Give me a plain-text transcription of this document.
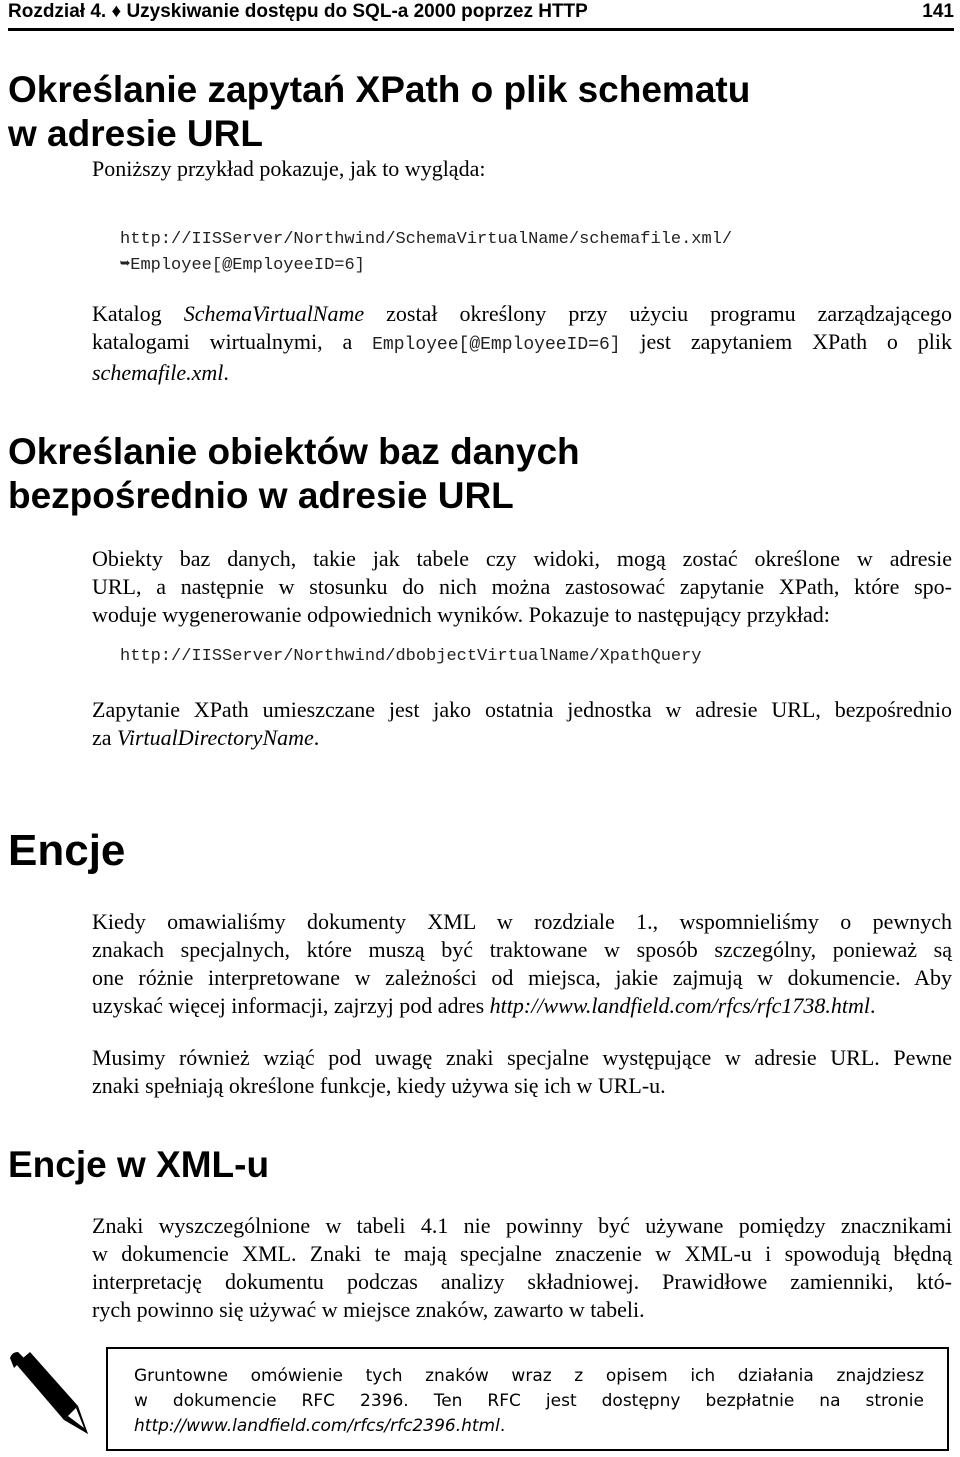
Rozdział 4. ♦ Uzyskiwanie dostępu do SQL-a 2000 poprzez HTTP	141
Określanie zapytań XPath o plik schematu
w adresie URL

Poniższy przykład pokazuje, jak to wygląda:

http://IISServer/Northwind/SchemaVirtualName/schemafile.xml/
➥Employee[@EmployeeID=6]

Katalog SchemaVirtualName został określony przy użyciu programu zarządzającego
katalogami wirtualnymi, a Employee[@EmployeeID=6] jest zapytaniem XPath o plik
schemafile.xml.

Określanie obiektów baz danych
bezpośrednio w adresie URL

Obiekty baz danych, takie jak tabele czy widoki, mogą zostać określone w adresie
URL, a następnie w stosunku do nich można zastosować zapytanie XPath, które spo-
woduje wygenerowanie odpowiednich wyników. Pokazuje to następujący przykład:

http://IISServer/Northwind/dbobjectVirtualName/XpathQuery

Zapytanie XPath umieszczane jest jako ostatnia jednostka w adresie URL, bezpośrednio
za VirtualDirectoryName.

Encje

Kiedy omawialiśmy dokumenty XML w rozdziale 1., wspomnieliśmy o pewnych
znakach specjalnych, które muszą być traktowane w sposób szczególny, ponieważ są
one różnie interpretowane w zależności od miejsca, jakie zajmują w dokumencie. Aby
uzyskać więcej informacji, zajrzyj pod adres http://www.landfield.com/rfcs/rfc1738.html.

Musimy również wziąć pod uwagę znaki specjalne występujące w adresie URL. Pewne
znaki spełniają określone funkcje, kiedy używa się ich w URL-u.

Encje w XML-u

Znaki wyszczególnione w tabeli 4.1 nie powinny być używane pomiędzy znacznikami
w dokumencie XML. Znaki te mają specjalne znaczenie w XML-u i spowodują błędną
interpretację dokumentu podczas analizy składniowej. Prawidłowe zamienniki, któ-
rych powinno się używać w miejsce znaków, zawarto w tabeli.

Gruntowne omówienie tych znaków wraz z opisem ich działania znajdziesz
w dokumencie RFC 2396. Ten RFC jest dostępny bezpłatnie na stronie
http://www.landfield.com/rfcs/rfc2396.html.
